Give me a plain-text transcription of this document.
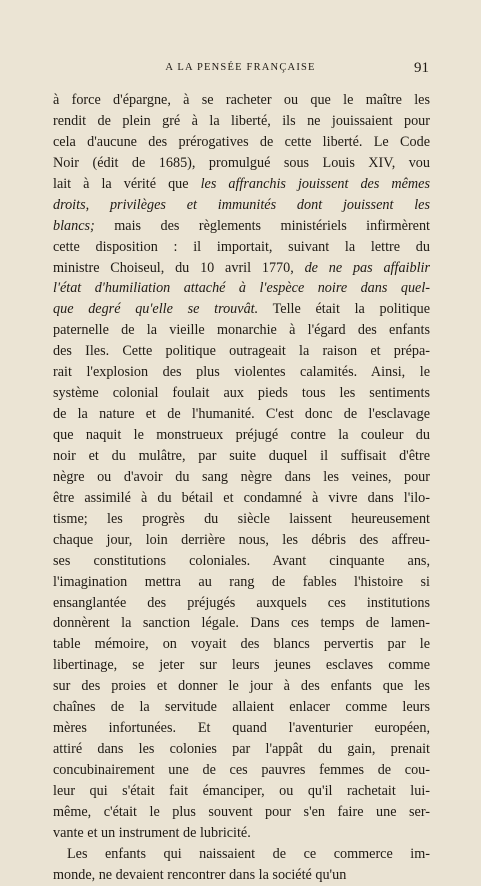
A LA PENSÉE FRANÇAISE	91
à force d'épargne, à se racheter ou que le maître les
rendit de plein gré à la liberté, ils ne jouissaient pour
cela d'aucune des prérogatives de cette liberté. Le Code
Noir (édit de 1685), promulgué sous Louis XIV, vou
lait à la vérité que les affranchis jouissent des mêmes
droits, privilèges et immunités dont jouissent les
blancs; mais des règlements ministériels infirmèrent
cette disposition : il importait, suivant la lettre du
ministre Choiseul, du 10 avril 1770, de ne pas affaiblir
l'état d'humiliation attaché à l'espèce noire dans quel-
que degré qu'elle se trouvât. Telle était la politique
paternelle de la vieille monarchie à l'égard des enfants
des Iles. Cette politique outrageait la raison et prépa-
rait l'explosion des plus violentes calamités. Ainsi, le
système colonial foulait aux pieds tous les sentiments
de la nature et de l'humanité. C'est donc de l'esclavage
que naquit le monstrueux préjugé contre la couleur du
noir et du mulâtre, par suite duquel il suffisait d'être
nègre ou d'avoir du sang nègre dans les veines, pour
être assimilé à du bétail et condamné à vivre dans l'ilo-
tisme; les progrès du siècle laissent heureusement
chaque jour, loin derrière nous, les débris des affreu-
ses constitutions coloniales. Avant cinquante ans,
l'imagination mettra au rang de fables l'histoire si
ensanglantée des préjugés auxquels ces institutions
donnèrent la sanction légale. Dans ces temps de lamen-
table mémoire, on voyait des blancs pervertis par le
libertinage, se jeter sur leurs jeunes esclaves comme
sur des proies et donner le jour à des enfants que les
chaînes de la servitude allaient enlacer comme leurs
mères infortunées. Et quand l'aventurier européen,
attiré dans les colonies par l'appât du gain, prenait
concubinairement une de ces pauvres femmes de cou-
leur qui s'était fait émanciper, ou qu'il rachetait lui-
même, c'était le plus souvent pour s'en faire une ser-
vante et un instrument de lubricité.
Les enfants qui naissaient de ce commerce im-
monde, ne devaient rencontrer dans la société qu'un
